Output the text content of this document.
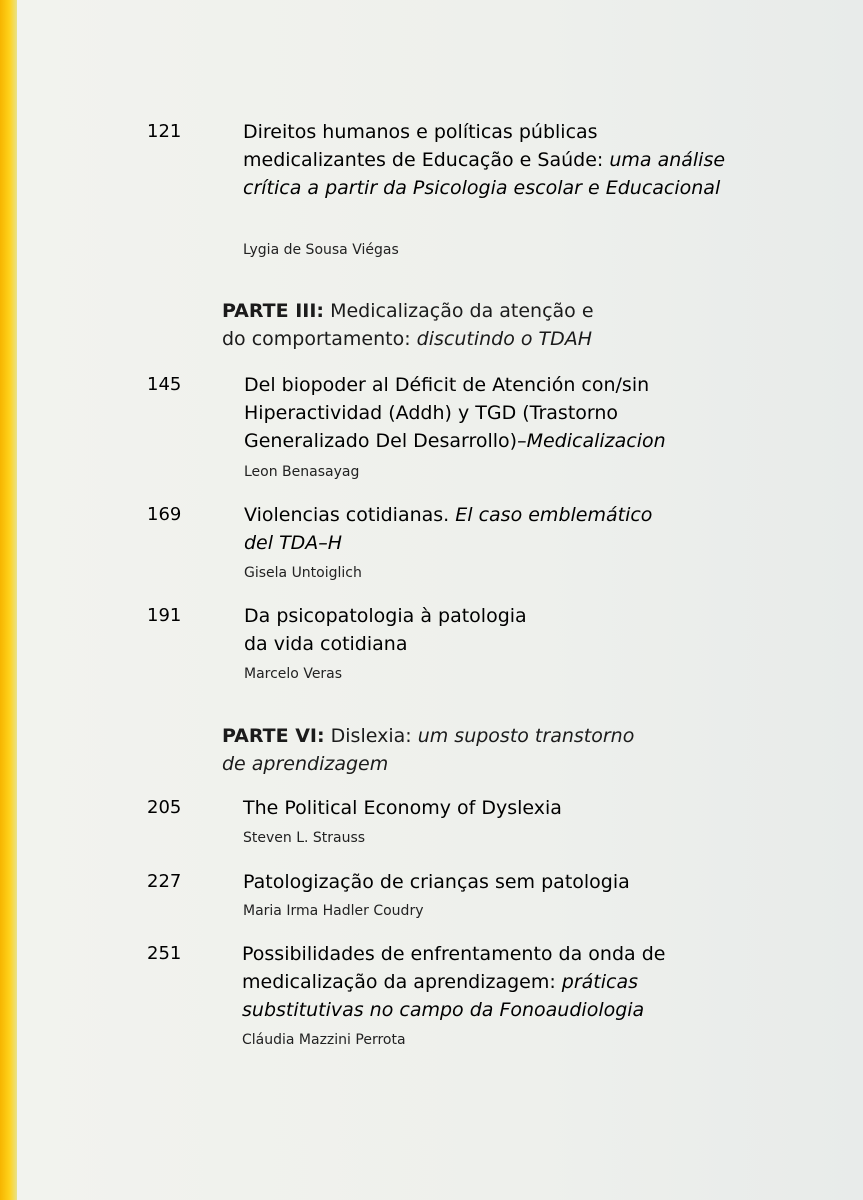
121	Direitos humanos e políticas públicas medicalizantes de Educação e Saúde: uma análise crítica a partir da Psicologia escolar e Educacional
Lygia de Sousa Viégas
PARTE III: Medicalização da atenção e do comportamento: discutindo o TDAH
145	Del biopoder al Déficit de Atención con/sin Hiperactividad (Addh) y TGD (Trastorno Generalizado Del Desarrollo)–Medicalizacion
Leon Benasayag
169	Violencias cotidianas. El caso emblemático del TDA–H
Gisela Untoiglich
191	Da psicopatologia à patologia da vida cotidiana
Marcelo Veras
PARTE VI: Dislexia: um suposto transtorno de aprendizagem
205	The Political Economy of Dyslexia
Steven L. Strauss
227	Patologização de crianças sem patologia
Maria Irma Hadler Coudry
251	Possibilidades de enfrentamento da onda de medicalização da aprendizagem: práticas substitutivas no campo da Fonoaudiologia
Cláudia Mazzini Perrota
